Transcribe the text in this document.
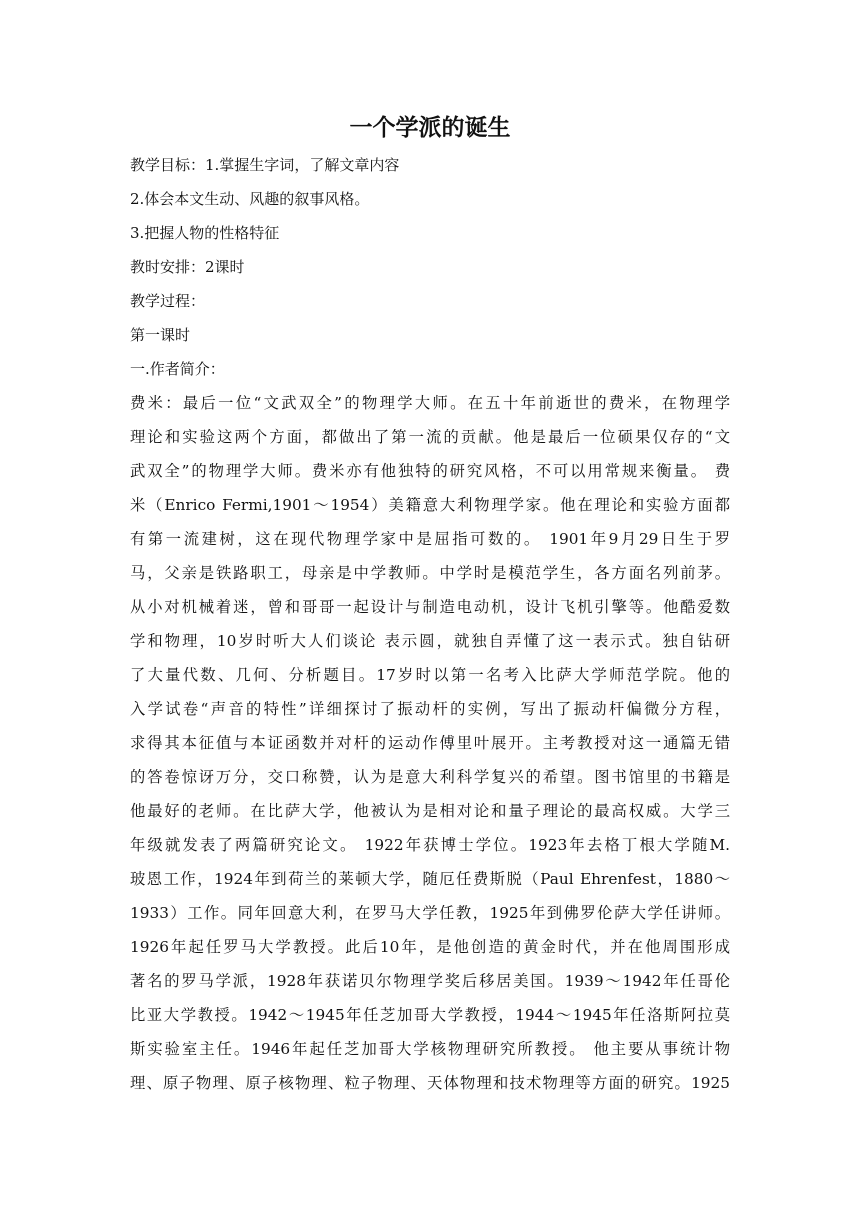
一个学派的诞生

教学目标：1.掌握生字词，了解文章内容

2.体会本文生动、风趣的叙事风格。

3.把握人物的性格特征

教时安排：2课时

教学过程：

第一课时

一.作者简介：

费米：最后一位“文武双全”的物理学大师。在五十年前逝世的费米，在物理学
理论和实验这两个方面，都做出了第一流的贡献。他是最后一位硕果仅存的“文
武双全”的物理学大师。费米亦有他独特的研究风格，不可以用常规来衡量。 费
米（Enrico Fermi,1901～1954）美籍意大利物理学家。他在理论和实验方面都
有第一流建树，这在现代物理学家中是屈指可数的。 1901年9月29日生于罗
马，父亲是铁路职工，母亲是中学教师。中学时是模范学生，各方面名列前茅。
从小对机械着迷，曾和哥哥一起设计与制造电动机，设计飞机引擎等。他酷爱数
学和物理，10岁时听大人们谈论 表示圆，就独自弄懂了这一表示式。独自钻研
了大量代数、几何、分析题目。17岁时以第一名考入比萨大学师范学院。他的
入学试卷“声音的特性”详细探讨了振动杆的实例，写出了振动杆偏微分方程，
求得其本征值与本证函数并对杆的运动作傅里叶展开。主考教授对这一通篇无错
的答卷惊讶万分，交口称赞，认为是意大利科学复兴的希望。图书馆里的书籍是
他最好的老师。在比萨大学，他被认为是相对论和量子理论的最高权威。大学三
年级就发表了两篇研究论文。 1922年获博士学位。1923年去格丁根大学随M.
玻恩工作，1924年到荷兰的莱顿大学，随厄任费斯脱（Paul Ehrenfest，1880～
1933）工作。同年回意大利，在罗马大学任教，1925年到佛罗伦萨大学任讲师。
1926年起任罗马大学教授。此后10年，是他创造的黄金时代，并在他周围形成
著名的罗马学派，1928年获诺贝尔物理学奖后移居美国。1939～1942年任哥伦
比亚大学教授。1942～1945年任芝加哥大学教授，1944～1945年任洛斯阿拉莫
斯实验室主任。1946年起任芝加哥大学核物理研究所教授。 他主要从事统计物
理、原子物理、原子核物理、粒子物理、天体物理和技术物理等方面的研究。1925
